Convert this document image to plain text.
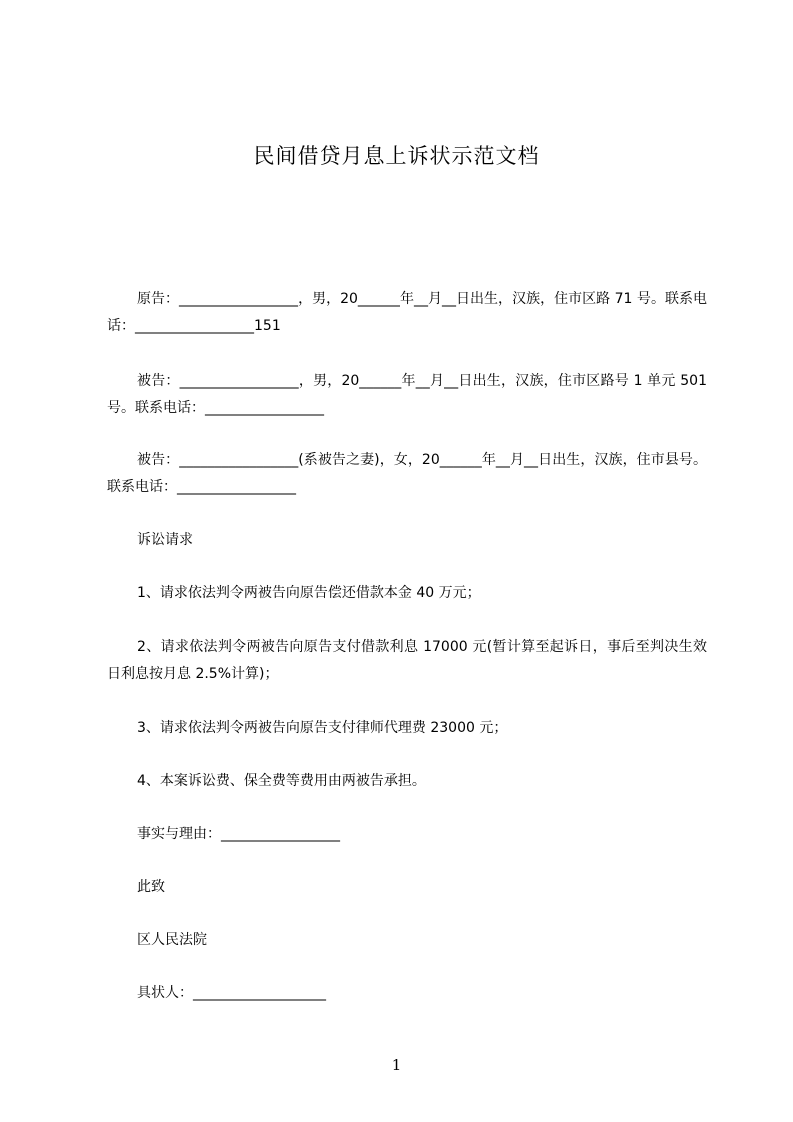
民间借贷月息上诉状示范文档
原告：_________________，男，20______年__月__日出生，汉族，住市区路 71 号。联系电话：_________________151
被告：_________________，男，20______年__月__日出生，汉族，住市区路号 1 单元 501 号。联系电话：_________________
被告：_________________(系被告之妻)，女，20______年__月__日出生，汉族，住市县号。联系电话：_________________
诉讼请求
1、请求依法判令两被告向原告偿还借款本金 40 万元；
2、请求依法判令两被告向原告支付借款利息 17000 元(暂计算至起诉日，事后至判决生效日利息按月息 2.5%计算)；
3、请求依法判令两被告向原告支付律师代理费 23000 元；
4、本案诉讼费、保全费等费用由两被告承担。
事实与理由：_________________
此致
区人民法院
具状人：___________________
1
